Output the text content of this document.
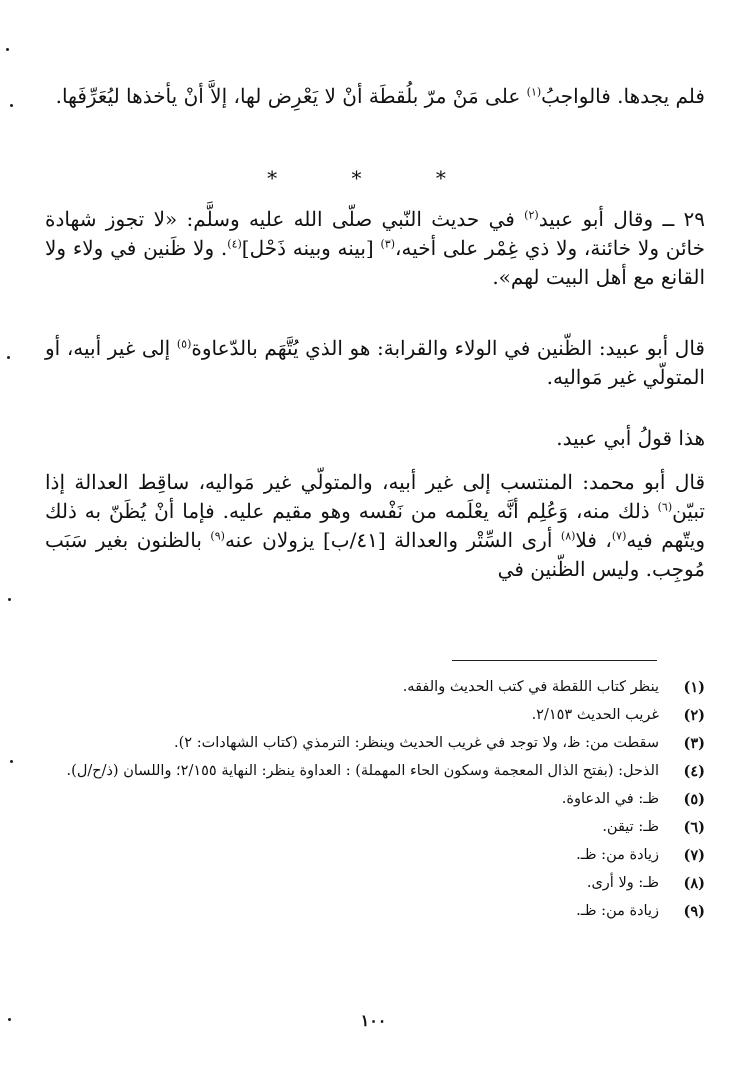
فلم يجدها. فالواجبُ$^{(١)}$ على مَنْ مرّ بلُقطَة أنْ لا يَعْرِض لها، إلاَّ أنْ يأخذها ليُعَرِّفَها.

* * *

٢٩ ــ وقال أبو عبيد$^{(٢)}$ في حديث النّبي صلّى الله عليه وسلَّم: «لا تجوز شهادة خائن ولا خائنة، ولا ذي غِمْر على أخيه،$^{(٣)}$ [بينه وبينه ذَحْل]$^{(٤)}$. ولا ظَنين في ولاء ولا القانع مع أهل البيت لهم».

قال أبو عبيد: الظّنين في الولاء والقرابة: هو الذي يُتَّهَم بالدّعاوة$^{(٥)}$ إلى غير أبيه، أو المتولّي غير مَواليه.

هذا قولُ أبي عبيد.

قال أبو محمد: المنتسب إلى غير أبيه، والمتولّي غير مَواليه، ساقِط العدالة إذا تبيّن$^{(٦)}$ ذلك منه، وَعُلِم أنَّه يعْلَمه من نَفْسه وهو مقيم عليه. فإما أنْ يُظَنّ به ذلك ويتّهم فيه$^{(٧)}$، فلا$^{(٨)}$ أرى السِّتْر والعدالة [٤١/ب] يزولان عنه$^{(٩)}$ بالظنون بغير سَبَب مُوجِب. وليس الظّنين في

(١)
ينظر كتاب اللقطة في كتب الحديث والفقه.
(٢)
غريب الحديث ٢/١٥٣.
(٣)
سقطت من: ظ، ولا توجد في غريب الحديث وينظر: الترمذي (كتاب الشهادات: ٢).
(٤)
الذحل: (بفتح الذال المعجمة وسكون الحاء المهملة) : العداوة ينظر: النهاية ٢/١٥٥؛ واللسان (ذ/ح/ل).
(٥)
ظـ: في الدعاوة.
(٦)
ظـ: تيقن.
(٧)
زيادة من: ظـ.
(٨)
ظـ: ولا أرى.
(٩)
زيادة من: ظـ.
١٠٠
